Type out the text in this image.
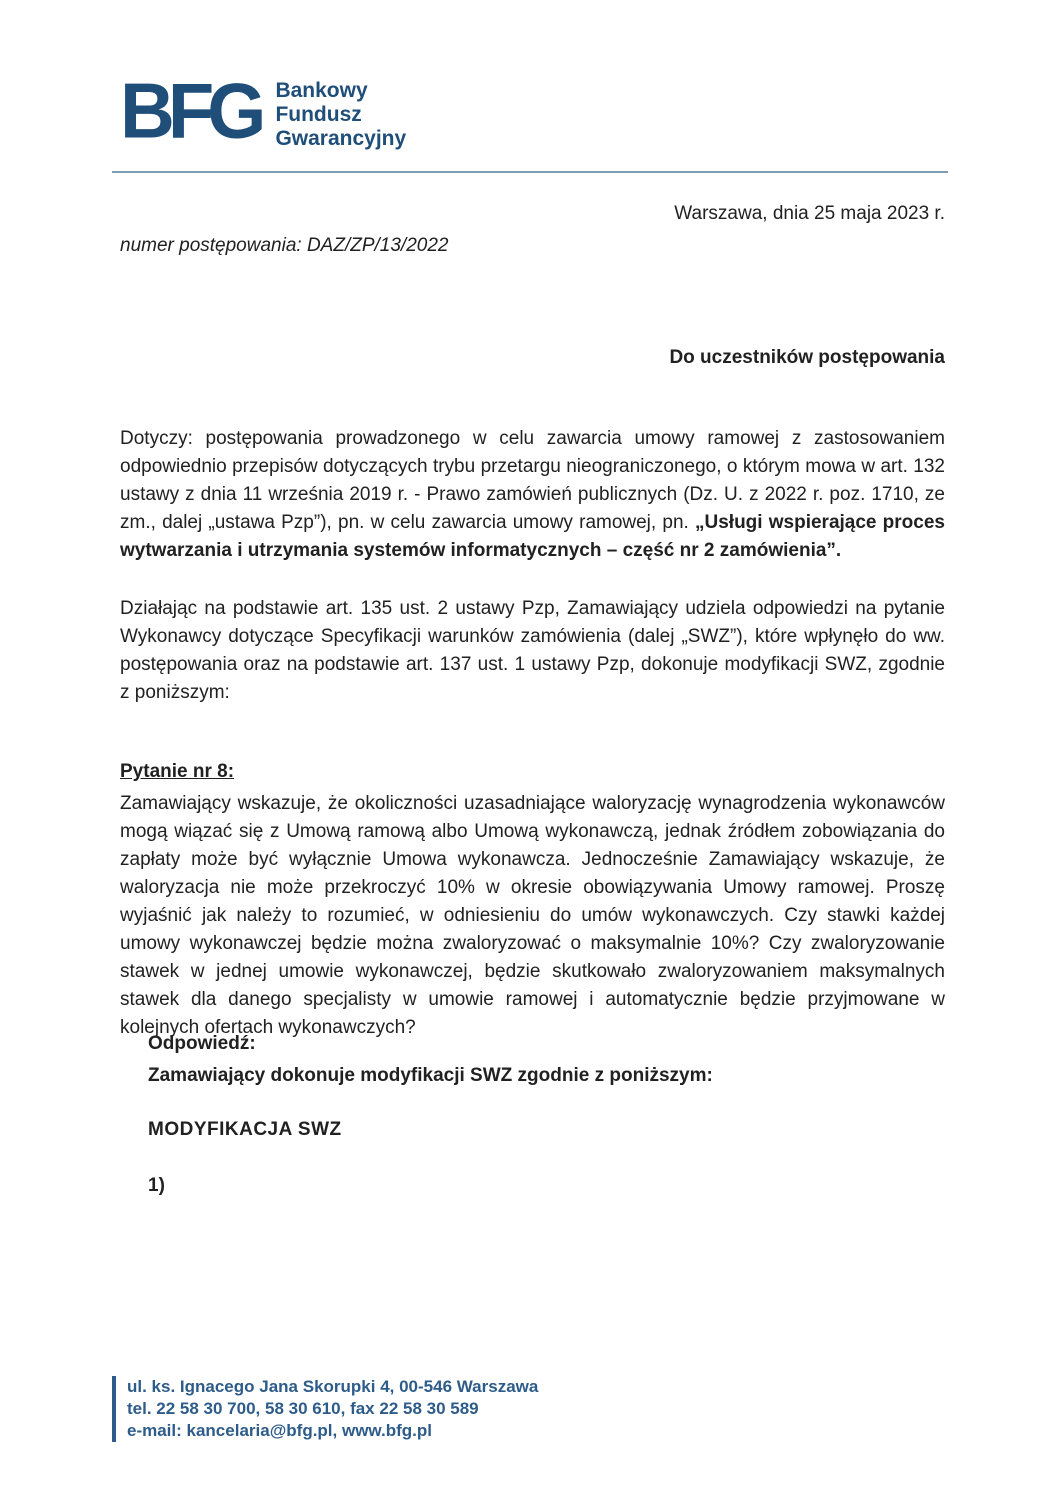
BFG Bankowy
Fundusz
Gwarancyjny
Warszawa, dnia 25 maja 2023 r.
numer postępowania: DAZ/ZP/13/2022
Do uczestników postępowania

Dotyczy: postępowania prowadzonego w celu zawarcia umowy ramowej z zastosowaniem odpowiednio przepisów dotyczących trybu przetargu nieograniczonego, o którym mowa w art. 132 ustawy z dnia 11 września 2019 r. - Prawo zamówień publicznych (Dz. U. z 2022 r. poz. 1710, ze zm., dalej „ustawa Pzp”), pn. w celu zawarcia umowy ramowej, pn. „Usługi wspierające proces wytwarzania i utrzymania systemów informatycznych – część nr 2 zamówienia”.

Działając na podstawie art. 135 ust. 2 ustawy Pzp, Zamawiający udziela odpowiedzi na pytanie Wykonawcy dotyczące Specyfikacji warunków zamówienia (dalej „SWZ”), które wpłynęło do ww. postępowania oraz na podstawie art. 137 ust. 1 ustawy Pzp, dokonuje modyfikacji SWZ, zgodnie z poniższym:

Pytanie nr 8:

Zamawiający wskazuje, że okoliczności uzasadniające waloryzację wynagrodzenia wykonawców mogą wiązać się z Umową ramową albo Umową wykonawczą, jednak źródłem zobowiązania do zapłaty może być wyłącznie Umowa wykonawcza. Jednocześnie Zamawiający wskazuje, że waloryzacja nie może przekroczyć 10% w okresie obowiązywania Umowy ramowej. Proszę wyjaśnić jak należy to rozumieć, w odniesieniu do umów wykonawczych. Czy stawki każdej umowy wykonawczej będzie można zwaloryzować o maksymalnie 10%? Czy zwaloryzowanie stawek w jednej umowie wykonawczej, będzie skutkowało zwaloryzowaniem maksymalnych stawek dla danego specjalisty w umowie ramowej i automatycznie będzie przyjmowane w kolejnych ofertach wykonawczych?

Odpowiedź:

Zamawiający dokonuje modyfikacji SWZ zgodnie z poniższym:

MODYFIKACJA SWZ

1)

ul. ks. Ignacego Jana Skorupki 4, 00-546 Warszawa
tel. 22 58 30 700, 58 30 610, fax 22 58 30 589
e-mail: kancelaria@bfg.pl, www.bfg.pl
